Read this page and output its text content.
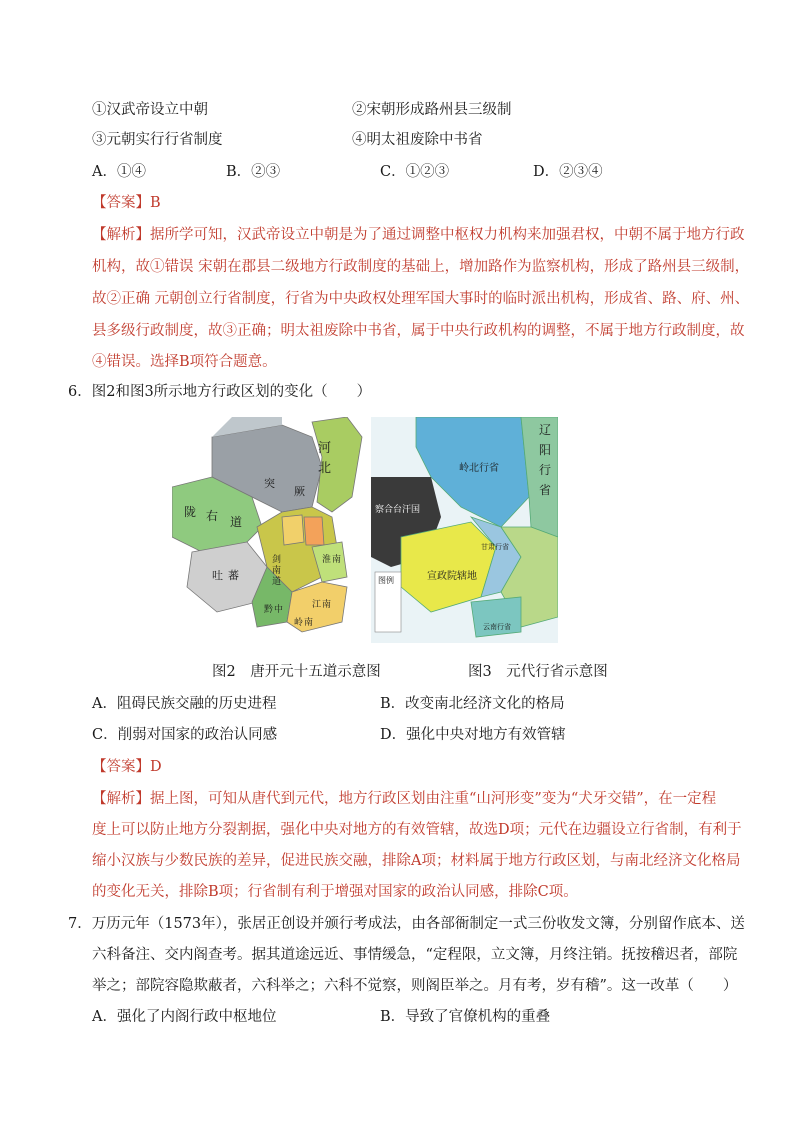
①汉武帝设立中朝	②宋朝形成路州县三级制
③元朝实行行省制度	④明太祖废除中书省
A．①④	B．②③	C．①②③	D．②③④
【答案】B
【解析】据所学可知，汉武帝设立中朝是为了通过调整中枢权力机构来加强君权，中朝不属于地方行政
机构，故①错误 宋朝在郡县二级地方行政制度的基础上，增加路作为监察机构，形成了路州县三级制，
故②正确 元朝创立行省制度，行省为中央政权处理军国大事时的临时派出机构，形成省、路、府、州、
县多级行政制度，故③正确；明太祖废除中书省，属于中央行政机构的调整，不属于地方行政制度，故
④错误。选择B项符合题意。
6．图2和图3所示地方行政区划的变化（　　）
河
北
突
厥
陇 右 道
吐 蕃
剑
南
道
淮 南
江 南
黔 中
岭 南
辽
阳
行
省
岭北行省
察合台汗国
宣政院辖地
甘肃行省
云南行省
图例
图2　唐开元十五道示意图	图3　元代行省示意图
A．阻碍民族交融的历史进程	B．改变南北经济文化的格局
C．削弱对国家的政治认同感	D．强化中央对地方有效管辖
【答案】D
【解析】据上图，可知从唐代到元代，地方行政区划由注重“山河形变”变为“犬牙交错”，在一定程
度上可以防止地方分裂割据，强化中央对地方的有效管辖，故选D项；元代在边疆设立行省制，有利于
缩小汉族与少数民族的差异，促进民族交融，排除A项；材料属于地方行政区划，与南北经济文化格局
的变化无关，排除B项；行省制有利于增强对国家的政治认同感，排除C项。
7．万历元年（1573年），张居正创设并颁行考成法，由各部衙制定一式三份收发文簿，分别留作底本、送
六科备注、交内阁查考。据其道途远近、事情缓急，“定程限，立文簿，月终注销。抚按稽迟者，部院
举之；部院容隐欺蔽者，六科举之；六科不觉察，则阁臣举之。月有考，岁有稽”。这一改革（　　）
A．强化了内阁行政中枢地位	B．导致了官僚机构的重叠
